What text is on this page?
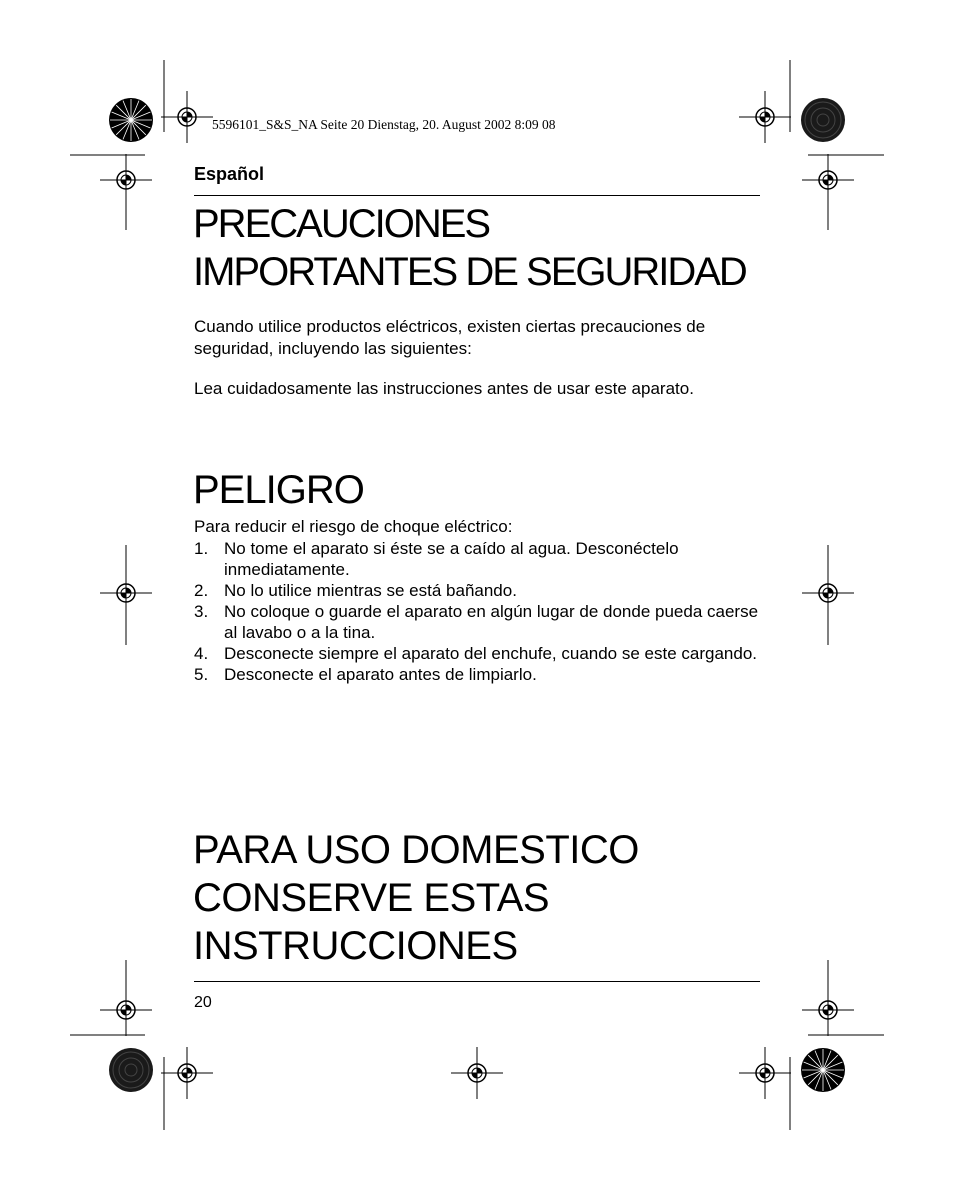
5596101_S&S_NA Seite 20 Dienstag, 20. August 2002 8:09 08
Español
PRECAUCIONES
IMPORTANTES DE SEGURIDAD

Cuando utilice productos eléctricos, existen ciertas precauciones de seguridad, incluyendo las siguientes:

Lea cuidadosamente las instrucciones antes de usar este aparato.

PELIGRO

Para reducir el riesgo de choque eléctrico:

1. No tome el aparato si éste se a caído al agua. Desconéctelo inmediatamente.
2. No lo utilice mientras se está bañando.
3. No coloque o guarde el aparato en algún lugar de donde pueda caerse al lavabo o a la tina.
4. Desconecte siempre el aparato del enchufe, cuando se este cargando.
5. Desconecte el aparato antes de limpiarlo.
PARA USO DOMESTICO
CONSERVE ESTAS
INSTRUCCIONES
20
